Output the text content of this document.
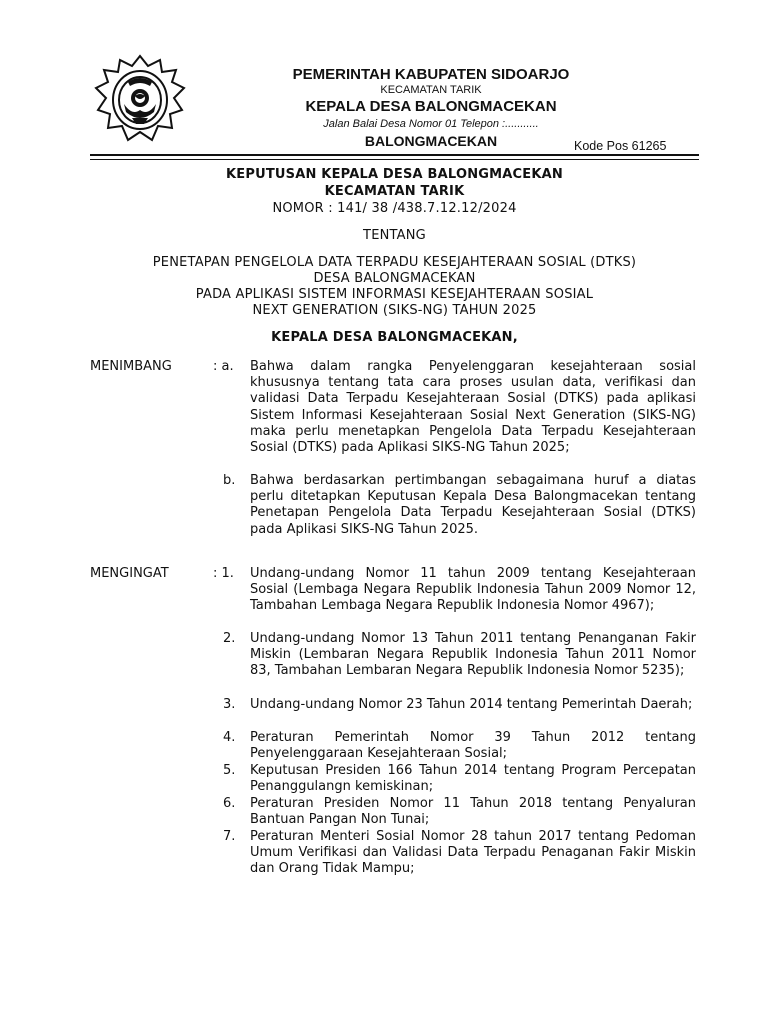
PEMERINTAH KABUPATEN SIDOARJO
KECAMATAN TARIK
KEPALA DESA BALONGMACEKAN
Jalan Balai Desa Nomor 01 Telepon :...........
BALONGMACEKAN	Kode Pos 61265
KEPUTUSAN KEPALA DESA BALONGMACEKAN
KECAMATAN TARIK
NOMOR : 141/ 38 /438.7.12.12/2024
TENTANG
PENETAPAN PENGELOLA DATA TERPADU KESEJAHTERAAN SOSIAL (DTKS)
DESA BALONGMACEKAN
PADA APLIKASI SISTEM INFORMASI KESEJAHTERAAN SOSIAL
NEXT GENERATION (SIKS-NG) TAHUN 2025
KEPALA DESA BALONGMACEKAN,
MENIMBANG	: a. Bahwa dalam rangka Penyelenggaran kesejahteraan sosial khususnya tentang tata cara proses usulan data, verifikasi dan validasi Data Terpadu Kesejahteraan Sosial (DTKS) pada aplikasi Sistem Informasi Kesejahteraan Sosial Next Generation (SIKS-NG) maka perlu menetapkan Pengelola Data Terpadu Kesejahteraan Sosial (DTKS) pada Aplikasi SIKS-NG Tahun 2025;
b. Bahwa berdasarkan pertimbangan sebagaimana huruf a diatas perlu ditetapkan Keputusan Kepala Desa Balongmacekan tentang Penetapan Pengelola Data Terpadu Kesejahteraan Sosial (DTKS) pada Aplikasi SIKS-NG Tahun 2025.
MENGINGAT	: 1. Undang-undang Nomor 11 tahun 2009 tentang Kesejahteraan Sosial (Lembaga Negara Republik Indonesia Tahun 2009 Nomor 12, Tambahan Lembaga Negara Republik Indonesia Nomor 4967);
2. Undang-undang Nomor 13 Tahun 2011 tentang Penanganan Fakir Miskin (Lembaran Negara Republik Indonesia Tahun 2011 Nomor 83, Tambahan Lembaran Negara Republik Indonesia Nomor 5235);
3. Undang-undang Nomor 23 Tahun 2014 tentang Pemerintah Daerah;
4. Peraturan Pemerintah Nomor 39 Tahun 2012 tentang Penyelenggaraan Kesejahteraan Sosial;
5. Keputusan Presiden 166 Tahun 2014 tentang Program Percepatan Penanggulangn kemiskinan;
6. Peraturan Presiden Nomor 11 Tahun 2018 tentang Penyaluran Bantuan Pangan Non Tunai;
7. Peraturan Menteri Sosial Nomor 28 tahun 2017 tentang Pedoman Umum Verifikasi dan Validasi Data Terpadu Penaganan Fakir Miskin dan Orang Tidak Mampu;
